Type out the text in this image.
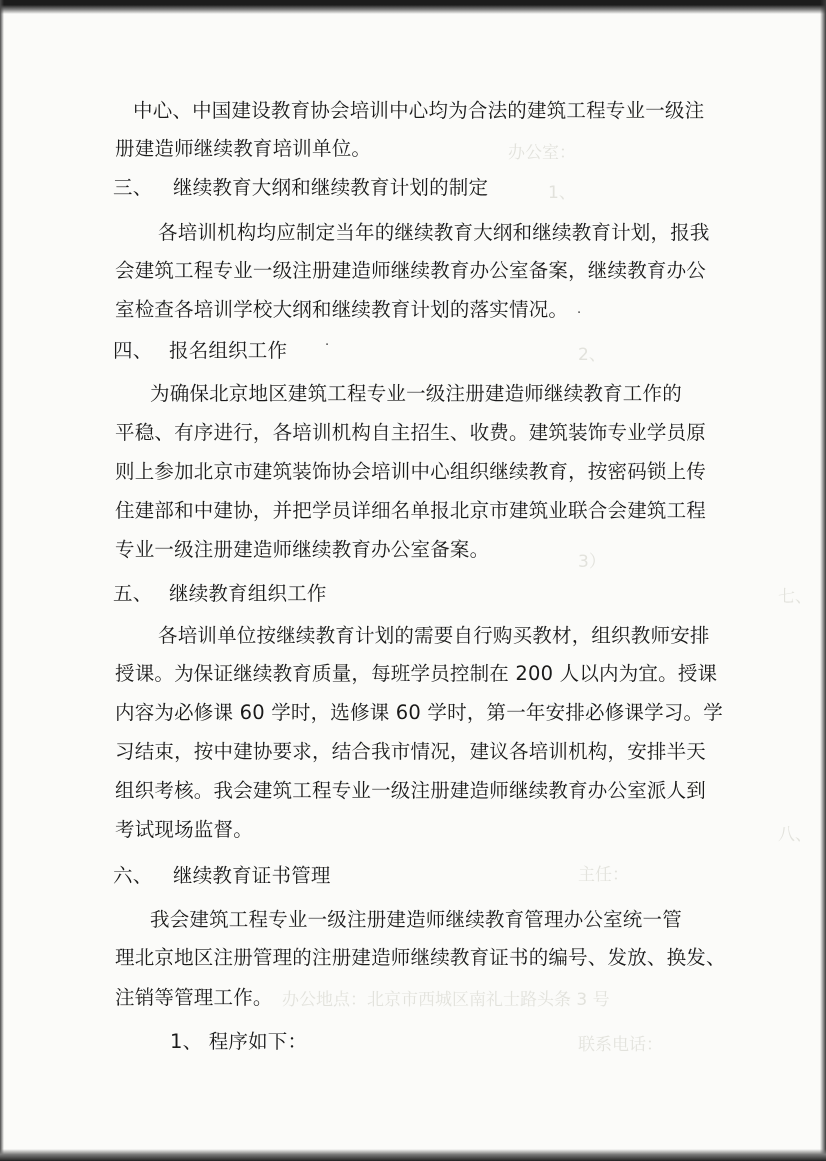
办公室：
1、
2、
3）
七、
八、
主任：
办公地点：北京市西城区南礼士路头条 3 号
联系电话：
·
·
中心、中国建设教育协会培训中心均为合法的建筑工程专业一级注
册建造师继续教育培训单位。
三、 继续教育大纲和继续教育计划的制定
各培训机构均应制定当年的继续教育大纲和继续教育计划，报我
会建筑工程专业一级注册建造师继续教育办公室备案，继续教育办公
室检查各培训学校大纲和继续教育计划的落实情况。
四、 报名组织工作
为确保北京地区建筑工程专业一级注册建造师继续教育工作的
平稳、有序进行，各培训机构自主招生、收费。建筑装饰专业学员原
则上参加北京市建筑装饰协会培训中心组织继续教育，按密码锁上传
住建部和中建协，并把学员详细名单报北京市建筑业联合会建筑工程
专业一级注册建造师继续教育办公室备案。
五、 继续教育组织工作
各培训单位按继续教育计划的需要自行购买教材，组织教师安排
授课。为保证继续教育质量，每班学员控制在 200 人以内为宜。授课
内容为必修课 60 学时，选修课 60 学时，第一年安排必修课学习。学
习结束，按中建协要求，结合我市情况，建议各培训机构，安排半天
组织考核。我会建筑工程专业一级注册建造师继续教育办公室派人到
考试现场监督。
六、 继续教育证书管理
我会建筑工程专业一级注册建造师继续教育管理办公室统一管
理北京地区注册管理的注册建造师继续教育证书的编号、发放、换发、
注销等管理工作。
1、 程序如下：
